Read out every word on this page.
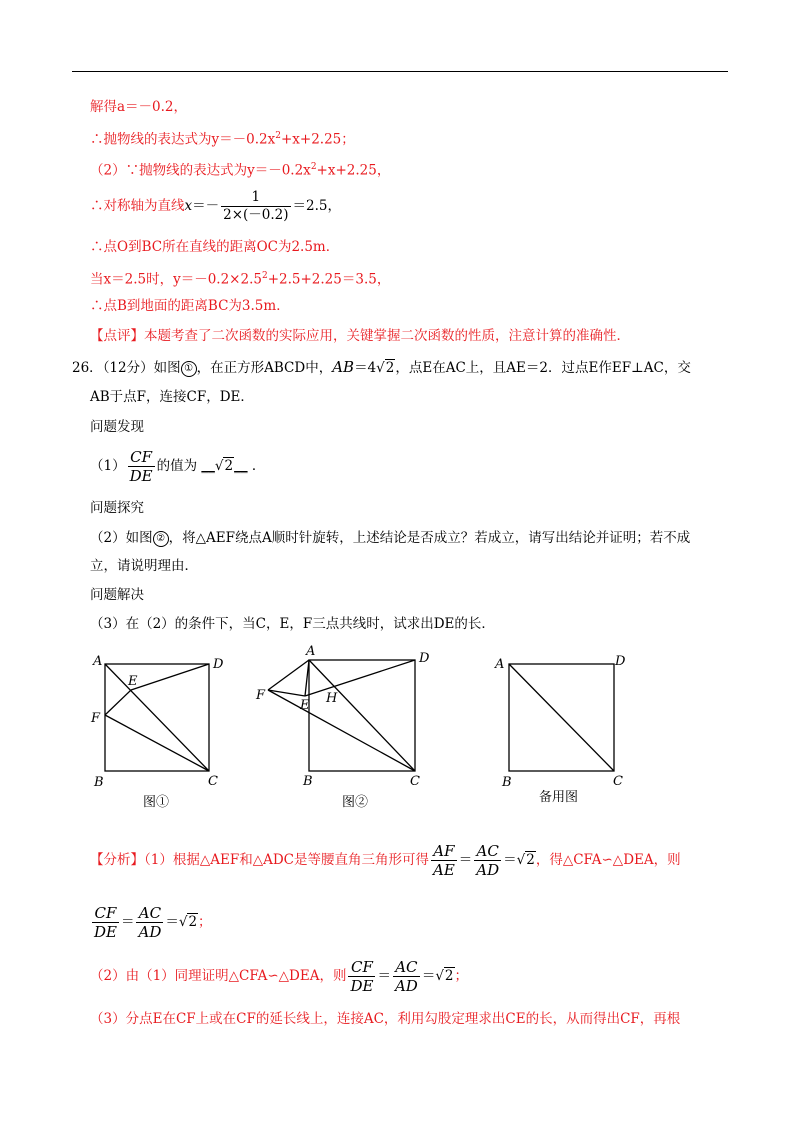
解得a＝－0.2，
∴抛物线的表达式为$y=-0.2x^2+x+2.25$；
（2）∵抛物线的表达式为$y=-0.2x^2+x+2.25$，
∴对称轴为直线$x=- \frac{1}{2\times(-0.2)} =2.5$，
∴点O到BC所在直线的距离OC为2.5m．
当x＝2.5时，$y=-0.2\times 2.5^2+2.5+2.25=3.5$，
∴点B到地面的距离BC为3.5m．
【点评】本题考查了二次函数的实际应用，关键掌握二次函数的性质，注意计算的准确性．
26．（12分）如图 ① ，在正方形ABCD中，AB＝4√2，点E在AC上，且AE＝2．过点E作EF⊥AC，交
AB于点F，连接CF，DE．
问题发现
$(1) \frac{CF}{DE}$ 的值为 __√2__ ．
问题探究
（2）如图 ② ，将△AEF绕点A顺时针旋转，上述结论是否成立？若成立，请写出结论并证明；若不成
立，请说明理由．
问题解决
（3）在（2）的条件下，当C，E，F三点共线时，试求出DE的长．
A	D
E
F
B	C
图①
A	D
F
E H
B	C
图②
A	D
B	C
备用图
【分析】（1）根据△AEF和△ADC是等腰直角三角形可得 $\frac{AF}{AE} = \frac{AC}{AD} =√2$，得△CFA∽△DEA，则
$\frac{CF}{DE} = \frac{AC}{AD} =√2$；
（2）由（1）同理证明△CFA∽△DEA，则 $\frac{CF}{DE} = \frac{AC}{AD} =√2$；
（3）分点E在CF上或在CF的延长线上，连接AC，利用勾股定理求出CE的长，从而得出CF，再根
